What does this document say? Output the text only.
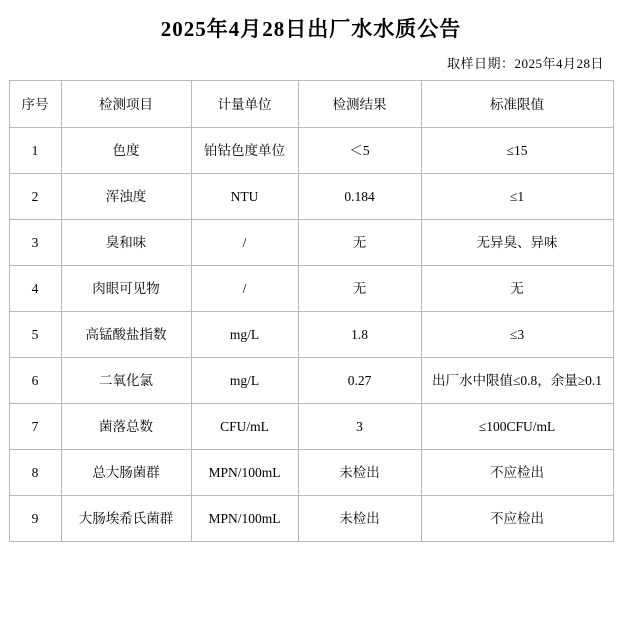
2025年4月28日出厂水水质公告
取样日期：2025年4月28日
序号	检测项目	计量单位	检测结果	标准限值
1	色度	铂钴色度单位	＜5	≤15
2	浑浊度	NTU	0.184	≤1
3	臭和味	/	无	无异臭、异味
4	肉眼可见物	/	无	无
5	高锰酸盐指数	mg/L	1.8	≤3
6	二氧化氯	mg/L	0.27	出厂水中限值≤0.8，余量≥0.1
7	菌落总数	CFU/mL	3	≤100CFU/mL
8	总大肠菌群	MPN/100mL	未检出	不应检出
9	大肠埃希氏菌群	MPN/100mL	未检出	不应检出
